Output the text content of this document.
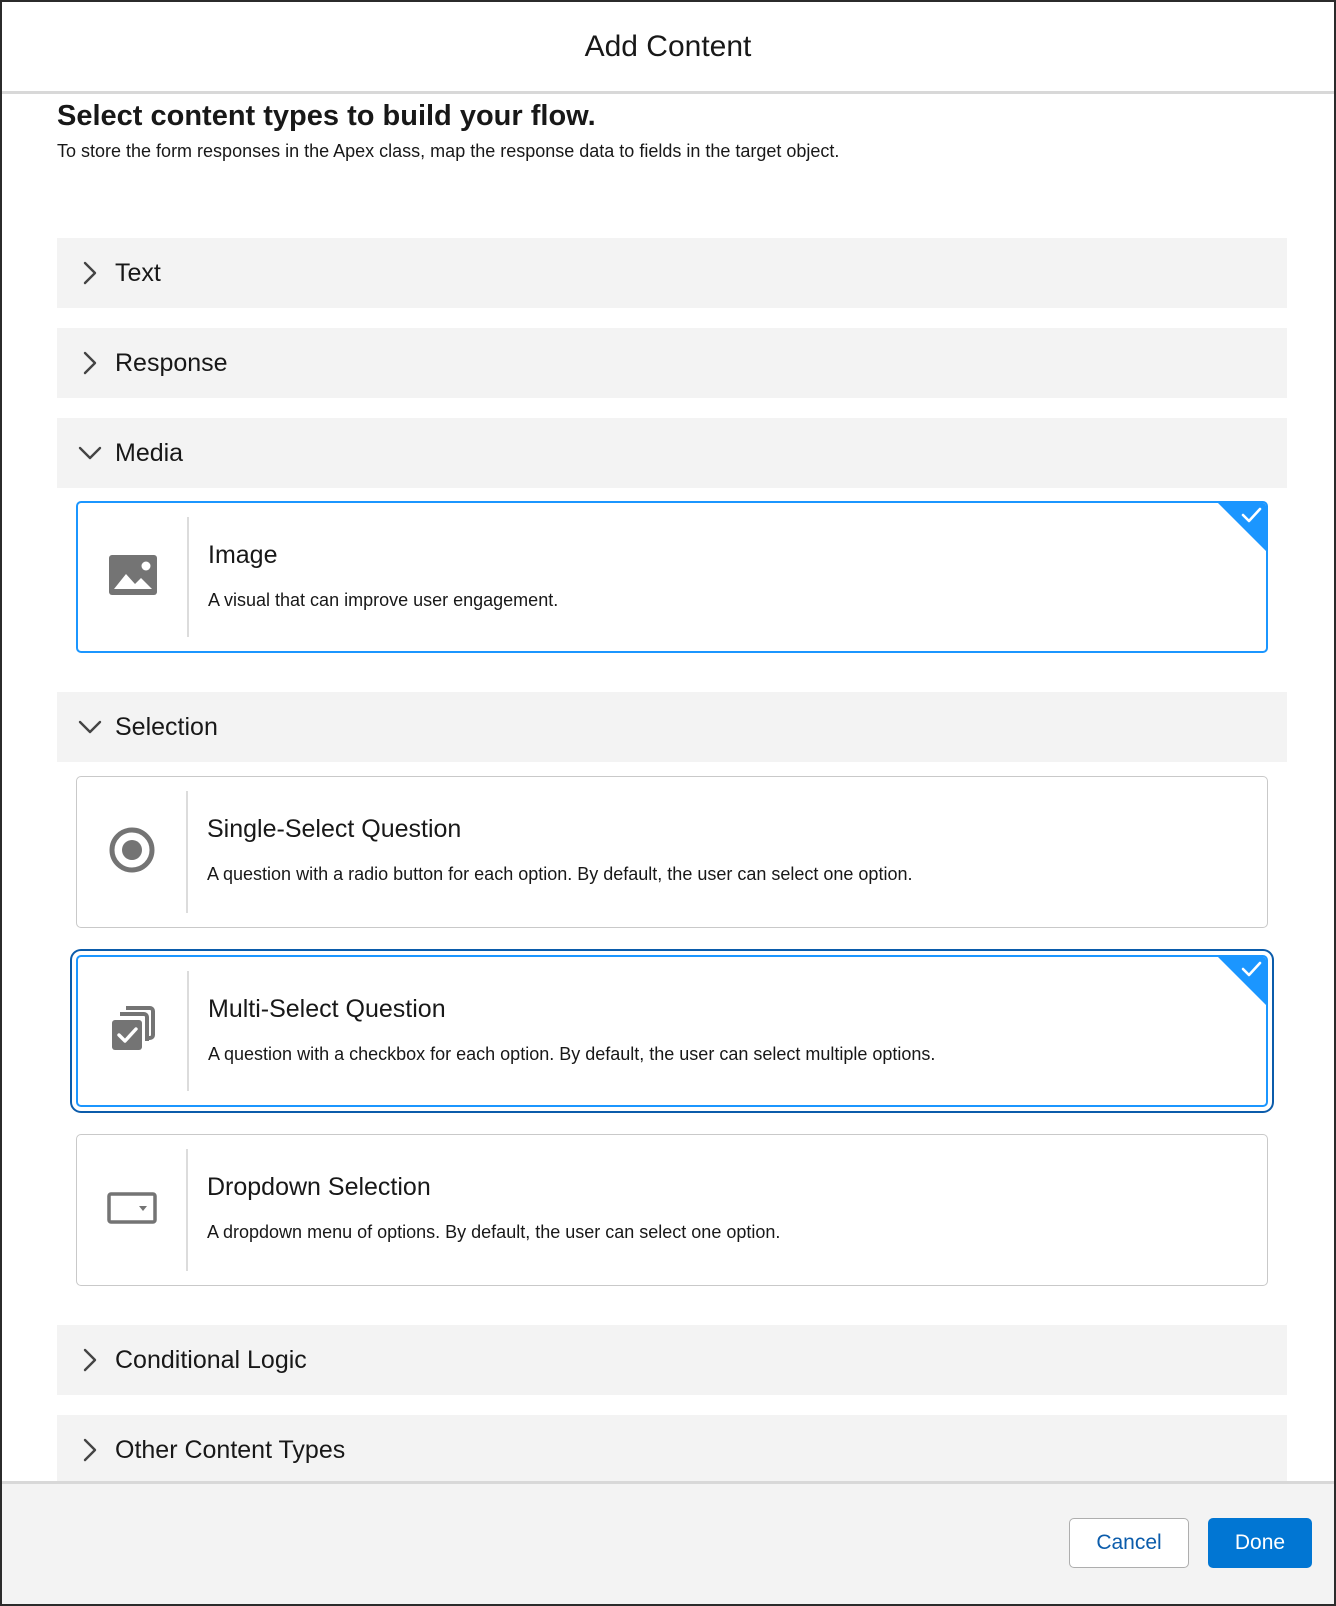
Add Content
Select content types to build your flow.
To store the form responses in the Apex class, map the response data to fields in the target object.
Text
Response
Media
Image
A visual that can improve user engagement.
Selection
Single-Select Question
A question with a radio button for each option. By default, the user can select one option.
Multi-Select Question
A question with a checkbox for each option. By default, the user can select multiple options.
Dropdown Selection
A dropdown menu of options. By default, the user can select one option.
Conditional Logic
Other Content Types
Cancel	Done
